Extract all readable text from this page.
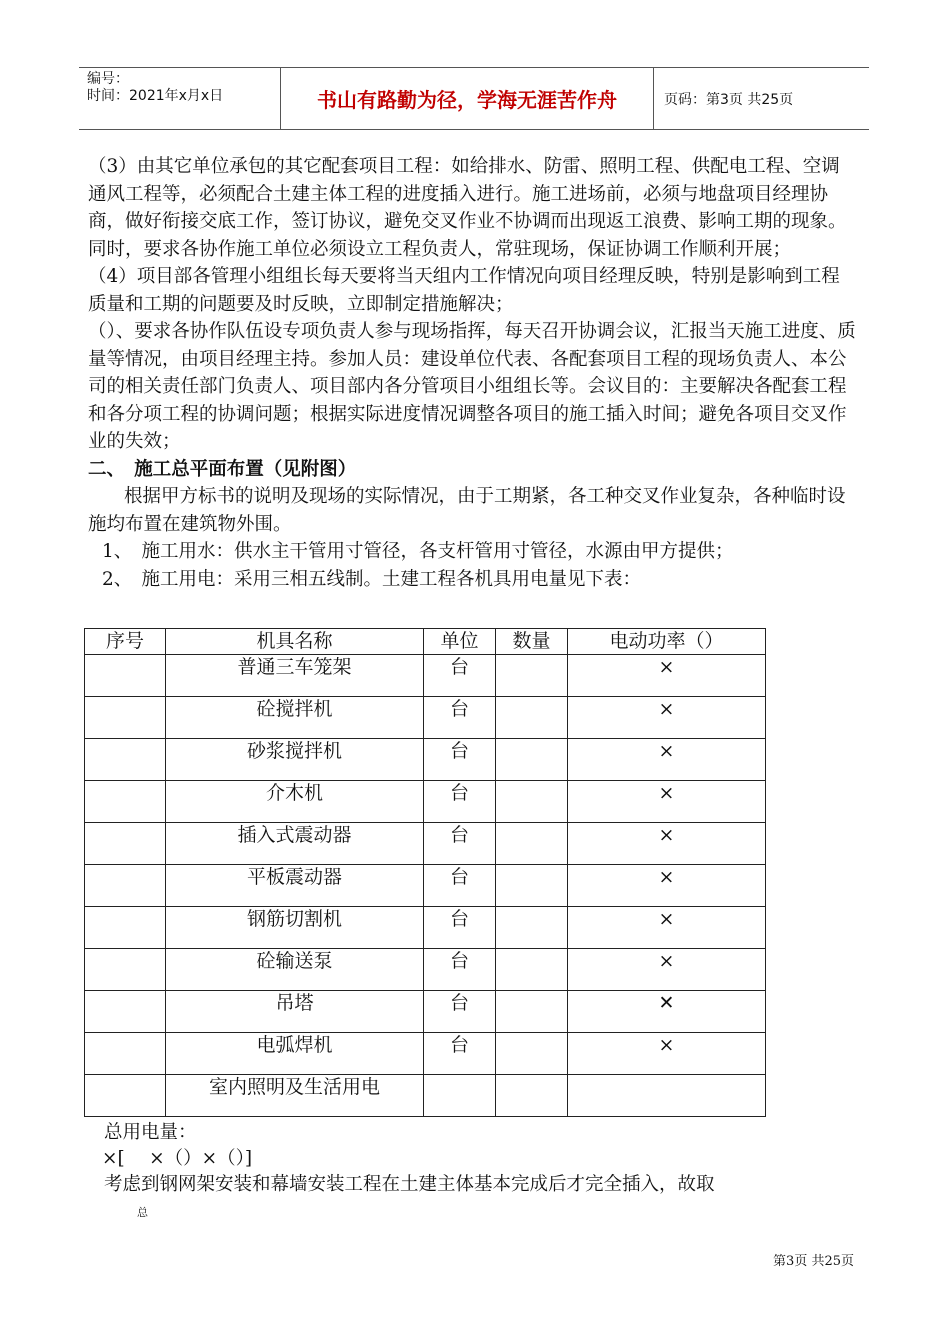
编号：
时间：2021年x月x日	书山有路勤为径，学海无涯苦作舟	页码：第3页 共25页

（3）由其它单位承包的其它配套项目工程：如给排水、防雷、照明工程、供配电工程、空调通风工程等，必须配合土建主体工程的进度插入进行。施工进场前，必须与地盘项目经理协商，做好衔接交底工作，签订协议，避免交叉作业不协调而出现返工浪费、影响工期的现象。同时，要求各协作施工单位必须设立工程负责人，常驻现场，保证协调工作顺利开展；

（4）项目部各管理小组组长每天要将当天组内工作情况向项目经理反映，特别是影响到工程质量和工期的问题要及时反映，立即制定措施解决；

（）、要求各协作队伍设专项负责人参与现场指挥，每天召开协调会议，汇报当天施工进度、质量等情况，由项目经理主持。参加人员：建设单位代表、各配套项目工程的现场负责人、本公司的相关责任部门负责人、项目部内各分管项目小组组长等。会议目的：主要解决各配套工程和各分项工程的协调问题；根据实际进度情况调整各项目的施工插入时间；避免各项目交叉作业的失效；

二、　施工总平面布置（见附图）

根据甲方标书的说明及现场的实际情况，由于工期紧，各工种交叉作业复杂，各种临时设施均布置在建筑物外围。

1、　施工用水：供水主干管用寸管径，各支杆管用寸管径，水源由甲方提供；

2、　施工用电：采用三相五线制。土建工程各机具用电量见下表：

序号	机具名称	单位	数量	电动功率（）
	普通三车笼架	台		×
	砼搅拌机	台		×
	砂浆搅拌机	台		×
	介木机	台		×
	插入式震动器	台		×
	平板震动器	台		×
	钢筋切割机	台		×
	砼输送泵	台		×
	吊塔	台		✕
	电弧焊机	台		×
	室内照明及生活用电			

总用电量：

×[　 ×（）×（）]

考虑到钢网架安装和幕墙安装工程在土建主体基本完成后才完全插入，故取

总
第3页 共25页
